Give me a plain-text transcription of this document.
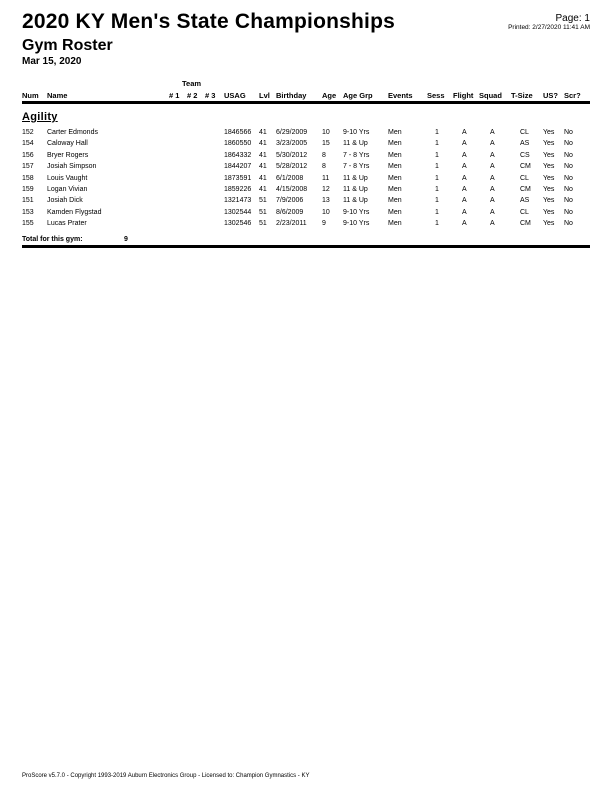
2020 KY Men's State Championships
Gym Roster
Mar 15, 2020
Page: 1
Printed: 2/27/2020 11:41 AM
Team
Num Name	# 1 # 2 # 3 USAG Lvl Birthday Age Age Grp Events Sess Flight Squad T-Size US? Scr?
Agility
152 Carter Edmonds	1846566 41 6/29/2009 10 9-10 Yrs	Men	1	A	A	CL Yes No
154 Caloway Hall	1860550 41 3/23/2005 15 11 & Up	Men	1	A	A	AS Yes No
156 Bryer Rogers	1864332 41 5/30/2012 8 7 - 8 Yrs	Men	1	A	A	CS Yes No
157 Josiah Simpson	1844207 41 5/28/2012 8 7 - 8 Yrs	Men	1	A	A	CM Yes No
158 Louis Vaught	1873591 41 6/1/2008	11 11 & Up	Men	1	A	A	CL Yes No
159 Logan Vivian	1859226 41 4/15/2008 12 11 & Up	Men	1	A	A	CM Yes No
151 Josiah Dick	1321473 51 7/9/2006	13 11 & Up	Men	1	A	A	AS Yes No
153 Kamden Flygstad	1302544 51 8/6/2009	10 9-10 Yrs	Men	1	A	A	CL Yes No
155 Lucas Prater	1302546 51 2/23/2011 9 9-10 Yrs	Men	1	A	A	CM Yes No
Total for this gym:	9
ProScore v5.7.0 - Copyright 1993-2019 Auburn Electronics Group - Licensed to: Champion Gymnastics - KY
